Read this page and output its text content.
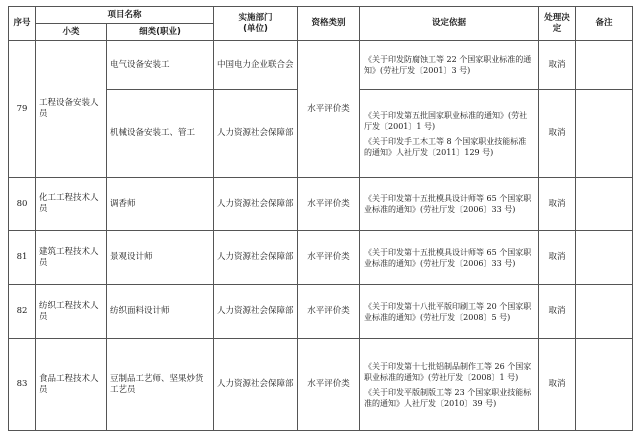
序号	项目名称		实施部门
(单位)	资格类别	设定依据	处理决定	备注
	小类	细类(职业)					
79	工程设备安装人员	电气设备安装工	中国电力企业联合会	水平评价类	《关于印发防腐蚀工等 22 个国家职业标准的通知》(劳社厅发〔2001〕3 号)	取消	
		机械设备安装工、管工	人力资源社会保障部		《关于印发第五批国家职业标准的通知》(劳社厅发〔2001〕1 号)
《关于印发手工木工等 8 个国家职业技能标准的通知》人社厅发〔2011〕129 号)	取消	
80	化工工程技术人员	调香师	人力资源社会保障部	水平评价类	《关于印发第十五批模具设计师等 65 个国家职业标准的通知》(劳社厅发〔2006〕33 号)	取消	
81	建筑工程技术人员	景观设计师	人力资源社会保障部	水平评价类	《关于印发第十五批模具设计师等 65 个国家职业标准的通知》(劳社厅发〔2006〕33 号)	取消	
82	纺织工程技术人员	纺织面料设计师	人力资源社会保障部	水平评价类	《关于印发第十八批平版印刷工等 20 个国家职业标准的通知》(劳社厅发〔2008〕5 号)	取消	
83	食品工程技术人员	豆制品工艺师、坚果炒货工艺员	人力资源社会保障部	水平评价类	《关于印发第十七批铝制品制作工等 26 个国家职业标准的通知》(劳社厅发〔2008〕1 号)
《关于印发平版制版工等 23 个国家职业技能标准的通知》人社厅发〔2010〕39 号)	取消	
